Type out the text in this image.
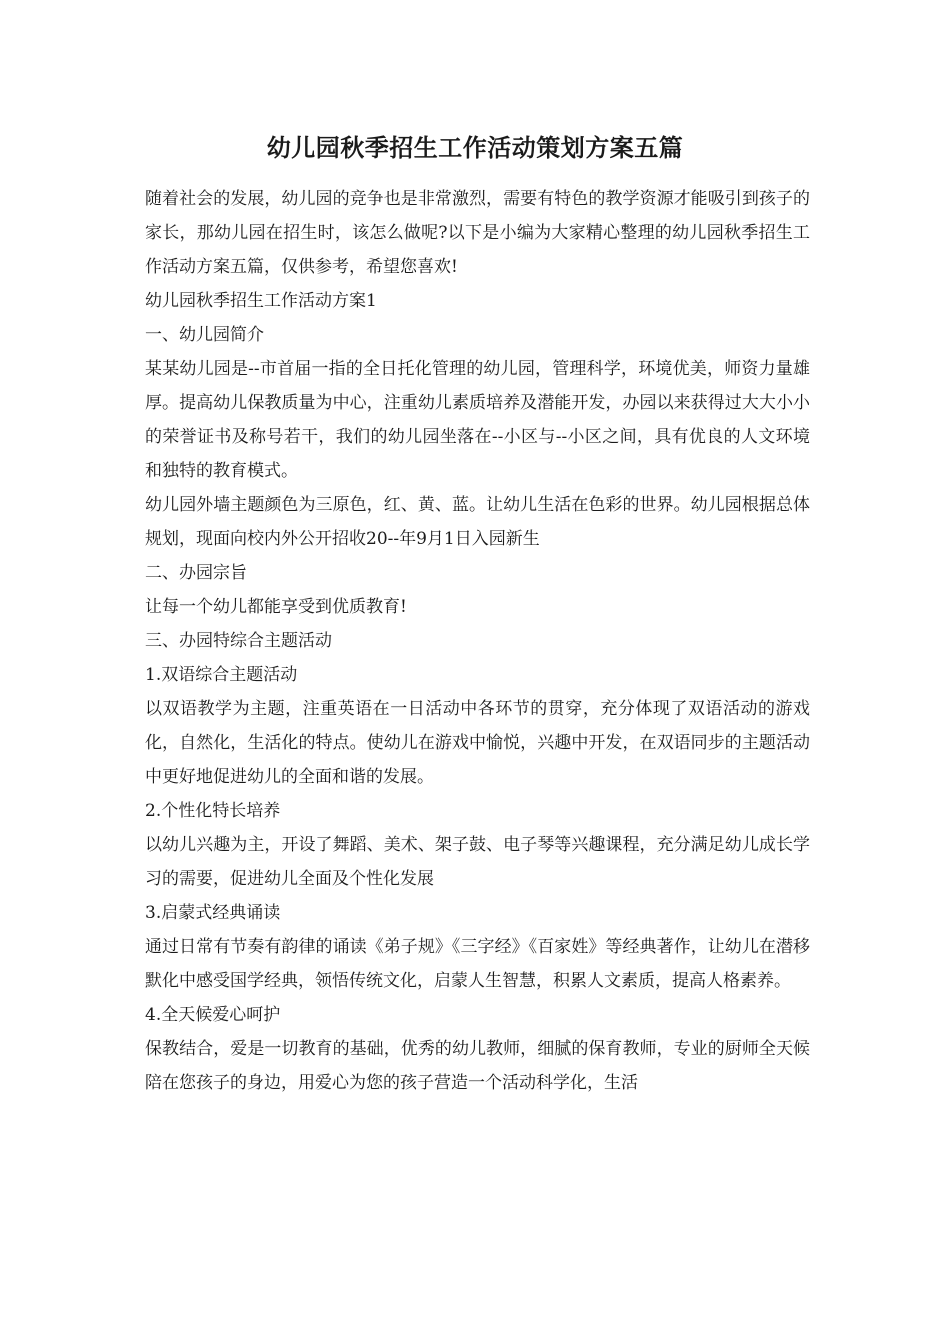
幼儿园秋季招生工作活动策划方案五篇

随着社会的发展，幼儿园的竞争也是非常激烈，需要有特色的教学资源才能吸引到孩子的家长，那幼儿园在招生时，该怎么做呢?以下是小编为大家精心整理的幼儿园秋季招生工作活动方案五篇，仅供参考，希望您喜欢!

幼儿园秋季招生工作活动方案1

一、幼儿园简介

某某幼儿园是--市首届一指的全日托化管理的幼儿园，管理科学，环境优美，师资力量雄厚。提高幼儿保教质量为中心，注重幼儿素质培养及潜能开发，办园以来获得过大大小小的荣誉证书及称号若干，我们的幼儿园坐落在--小区与--小区之间，具有优良的人文环境和独特的教育模式。

幼儿园外墙主题颜色为三原色，红、黄、蓝。让幼儿生活在色彩的世界。幼儿园根据总体规划，现面向校内外公开招收20--年9月1日入园新生

二、办园宗旨

让每一个幼儿都能享受到优质教育!

三、办园特综合主题活动

1.双语综合主题活动

以双语教学为主题，注重英语在一日活动中各环节的贯穿，充分体现了双语活动的游戏化，自然化，生活化的特点。使幼儿在游戏中愉悦，兴趣中开发，在双语同步的主题活动中更好地促进幼儿的全面和谐的发展。

2.个性化特长培养

以幼儿兴趣为主，开设了舞蹈、美术、架子鼓、电子琴等兴趣课程，充分满足幼儿成长学习的需要，促进幼儿全面及个性化发展

3.启蒙式经典诵读

通过日常有节奏有韵律的诵读《弟子规》《三字经》《百家姓》等经典著作，让幼儿在潜移默化中感受国学经典，领悟传统文化，启蒙人生智慧，积累人文素质，提高人格素养。

4.全天候爱心呵护

保教结合，爱是一切教育的基础，优秀的幼儿教师，细腻的保育教师，专业的厨师全天候陪在您孩子的身边，用爱心为您的孩子营造一个活动科学化，生活
